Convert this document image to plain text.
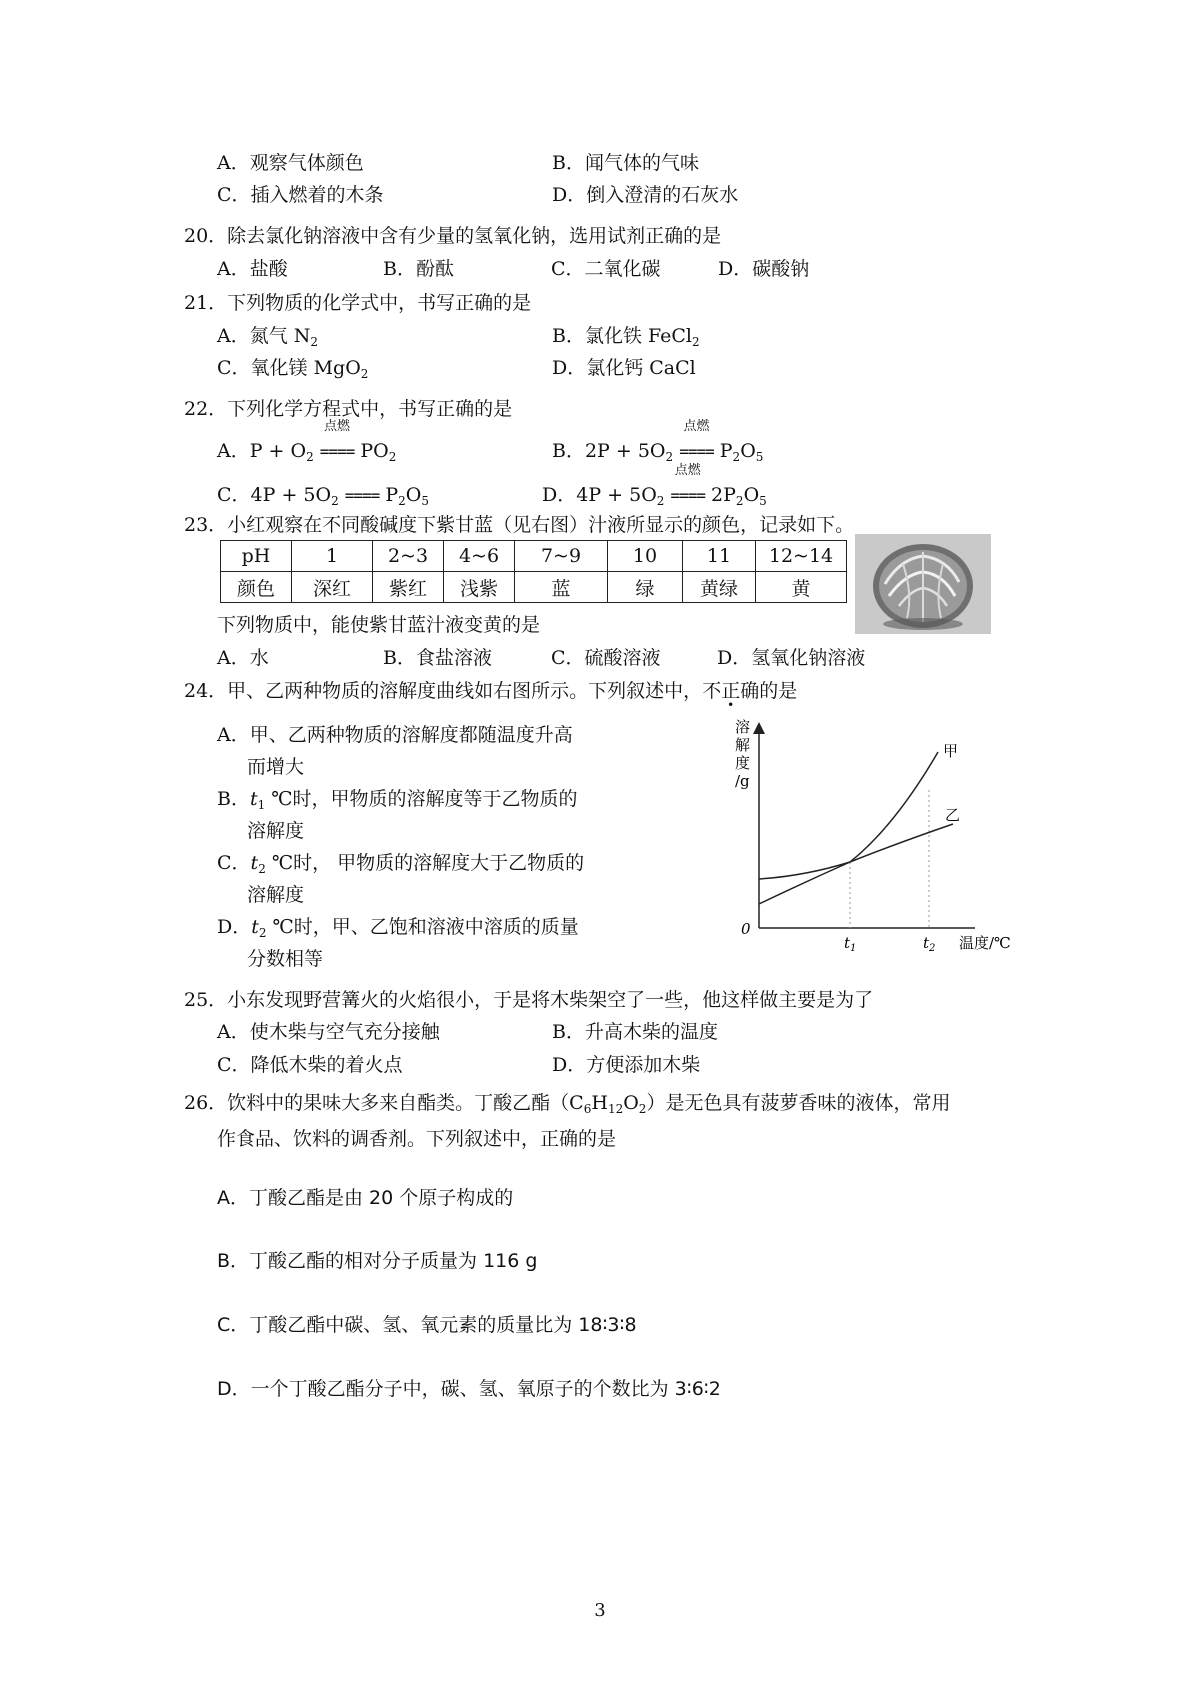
A．观察气体颜色	B．闻气体的气味
C．插入燃着的木条	D．倒入澄清的石灰水
20．除去氯化钠溶液中含有少量的氢氧化钠，选用试剂正确的是
A．盐酸	B．酚酞	C．二氧化碳	D．碳酸钠
21．下列物质的化学式中，书写正确的是
A．氮气 $N_2$	B．氯化铁 FeCl$_2$
C．氧化镁 MgO$_2$	D．氯化钙 CaCl
22．下列化学方程式中，书写正确的是
A．$P + O_2$
点燃
==== $PO_2$	B．$2P + 5O_2$
点燃
==== $P_2O_5$
C．$4P + 5O_2$ ==== $P_2O_5$	D．$4P + 5O_2$
点燃
==== $2P_2O_5$
23．小红观察在不同酸碱度下紫甘蓝（见右图）汁液所显示的颜色，记录如下。
pH	1	2~3	4~6	7~9	10	11	12~14
颜色	深红	紫红	浅紫	蓝	绿	黄绿	黄
下列物质中，能使紫甘蓝汁液变黄的是
A．水	B．食盐溶液	C．硫酸溶液	D．氢氧化钠溶液
24．甲、乙两种物质的溶解度曲线如右图所示。下列叙述中，不正确的是
A．甲、乙两种物质的溶解度都随温度升高
而增大
B．$t_1$ ℃时，甲物质的溶解度等于乙物质的
溶解度
C．$t_2$ ℃时， 甲物质的溶解度大于乙物质的
溶解度
D．$t_2$ ℃时，甲、乙饱和溶液中溶质的质量
分数相等
溶
解
度
/g
0
甲
乙
$t_1$	$t_2$ 温度/℃
25．小东发现野营篝火的火焰很小，于是将木柴架空了一些，他这样做主要是为了
A．使木柴与空气充分接触	B．升高木柴的温度
C．降低木柴的着火点	D．方便添加木柴
26．饮料中的果味大多来自酯类。丁酸乙酯$(C_6H_{12}O_2)$是无色具有菠萝香味的液体，常用
作食品、饮料的调香剂。下列叙述中，正确的是
A．丁酸乙酯是由 20 个原子构成的
B．丁酸乙酯的相对分子质量为 116 g
C．丁酸乙酯中碳、氢、氧元素的质量比为 18∶3∶8
D．一个丁酸乙酯分子中，碳、氢、氧原子的个数比为 3∶6∶2
3
